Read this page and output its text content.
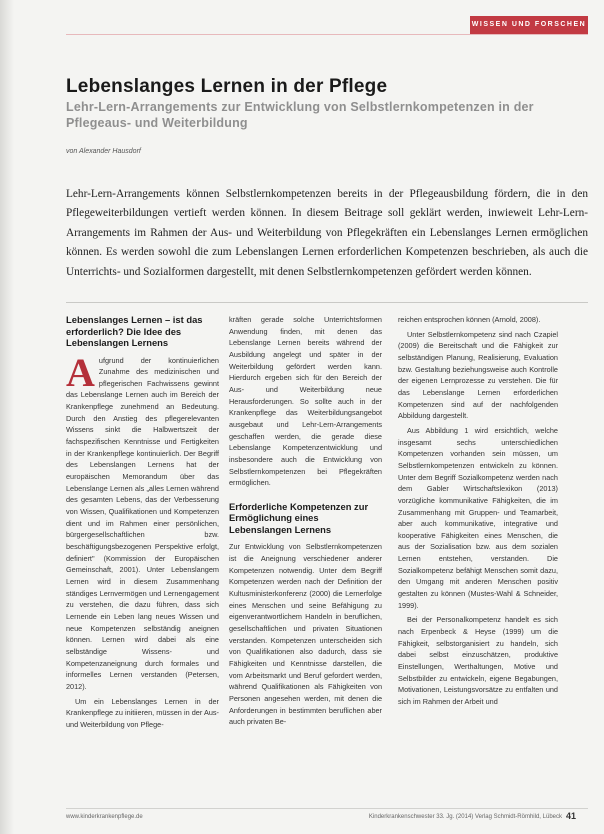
WISSEN UND FORSCHEN
Lebenslanges Lernen in der Pflege
Lehr-Lern-Arrangements zur Entwicklung von Selbstlernkompetenzen in der Pflegeaus- und Weiterbildung
von Alexander Hausdorf
Lehr-Lern-Arrangements können Selbstlernkompetenzen bereits in der Pflegeausbildung fördern, die in den Pflegeweiterbildungen vertieft werden können. In diesem Beitrage soll geklärt werden, inwieweit Lehr-Lern-Arrangements im Rahmen der Aus- und Weiterbildung von Pflegekräften ein Lebenslanges Lernen ermöglichen können. Es werden sowohl die zum Lebenslangen Lernen erforderlichen Kompetenzen beschrieben, als auch die Unterrichts- und Sozialformen dargestellt, mit denen Selbstlernkompetenzen gefördert werden können.
Lebenslanges Lernen – ist das erforderlich? Die Idee des Lebenslangen Lernens

Aufgrund der kontinuierlichen Zunahme des medizinischen und pflegerischen Fachwissens gewinnt das Lebenslange Lernen auch im Bereich der Krankenpflege zunehmend an Bedeutung. Durch den Anstieg des pflegerelevanten Wissens sinkt die Halbwertszeit der fachspezifischen Kenntnisse und Fertigkeiten in der Krankenpflege kontinuierlich. Der Begriff des Lebenslangen Lernens hat der europäischen Memorandum über das Lebenslange Lernen als „alles Lernen während des gesamten Lebens, das der Verbesserung von Wissen, Qualifikationen und Kompetenzen dient und im Rahmen einer persönlichen, bürgergesellschaftlichen bzw. beschäftigungsbezogenen Perspektive erfolgt, definiert" (Kommission der Europäischen Gemeinschaft, 2001). Unter Lebenslangem Lernen wird in diesem Zusammenhang ständiges Lernvermögen und Lernengagement zu verstehen, die dazu führen, dass sich Lernende ein Leben lang neues Wissen und neue Kompetenzen selbständig aneignen können. Lernen wird dabei als eine selbständige Wissens- und Kompetenzaneignung durch formales und informelles Lernen verstanden (Petersen, 2012).

Um ein Lebenslanges Lernen in der Krankenpflege zu initiieren, müssen in der Aus- und Weiterbildung von Pflege-

kräften gerade solche Unterrichtsformen Anwendung finden, mit denen das Lebenslange Lernen bereits während der Ausbildung angelegt und später in der Weiterbildung gefördert werden kann. Hierdurch ergeben sich für den Bereich der Aus- und Weiterbildung neue Herausforderungen. So sollte auch in der Krankenpflege das Weiterbildungsangebot ausgebaut und Lehr-Lern-Arrangements geschaffen werden, die gerade diese Lebenslange Kompetenzentwicklung und insbesondere auch die Entwicklung von Selbstlernkompetenzen bei Pflegekräften ermöglichen.

Erforderliche Kompetenzen zur Ermöglichung eines Lebenslangen Lernens

Zur Entwicklung von Selbstlernkompetenzen ist die Aneignung verschiedener anderer Kompetenzen notwendig. Unter dem Begriff Kompetenzen werden nach der Definition der Kultusministerkonferenz (2000) die Lernerfolge eines Menschen und seine Befähigung zu eigenverantwortlichem Handeln in beruflichen, gesellschaftlichen und privaten Situationen verstanden. Kompetenzen unterscheiden sich von Qualifikationen also dadurch, dass sie Fähigkeiten und Kenntnisse darstellen, die vom Arbeitsmarkt und Beruf gefordert werden, während Qualifikationen als Fähigkeiten von Personen angesehen werden, mit denen die Anforderungen in bestimmten beruflichen aber auch privaten Be-

reichen entsprochen können (Arnold, 2008).

Unter Selbstlernkompetenz sind nach Czapiel (2009) die Bereitschaft und die Fähigkeit zur selbständigen Planung, Realisierung, Evaluation bzw. Gestaltung beziehungsweise auch Kontrolle der eigenen Lernprozesse zu verstehen. Die für das Lebenslange Lernen erforderlichen Kompetenzen sind auf der nachfolgenden Abbildung dargestellt.

Aus Abbildung 1 wird ersichtlich, welche insgesamt sechs unterschiedlichen Kompetenzen vorhanden sein müssen, um Selbstlernkompetenzen entwickeln zu können. Unter dem Begriff Sozialkompetenz werden nach dem Gabler Wirtschaftslexikon (2013) vorzügliche kommunikative Fähigkeiten, die im Zusammenhang mit Gruppen- und Teamarbeit, aber auch kommunikative, integrative und kooperative Fähigkeiten eines Menschen, die aus der Sozialisation bzw. aus dem sozialen Lernen entstehen, verstanden. Die Sozialkompetenz befähigt Menschen somit dazu, den Umgang mit anderen Menschen positiv gestalten zu können (Mustes-Wahl & Schneider, 1999).

Bei der Personalkompetenz handelt es sich nach Erpenbeck & Heyse (1999) um die Fähigkeit, selbstorganisiert zu handeln, sich dabei selbst einzuschätzen, produktive Einstellungen, Werthaltungen, Motive und Selbstbilder zu entwickeln, eigene Begabungen, Motivationen, Leistungsvorsätze zu entfalten und sich im Rahmen der Arbeit und

www.kinderkrankenpflege.de	Kinderkrankenschwester 33. Jg. (2014) Verlag Schmidt-Römhild, Lübeck 41
